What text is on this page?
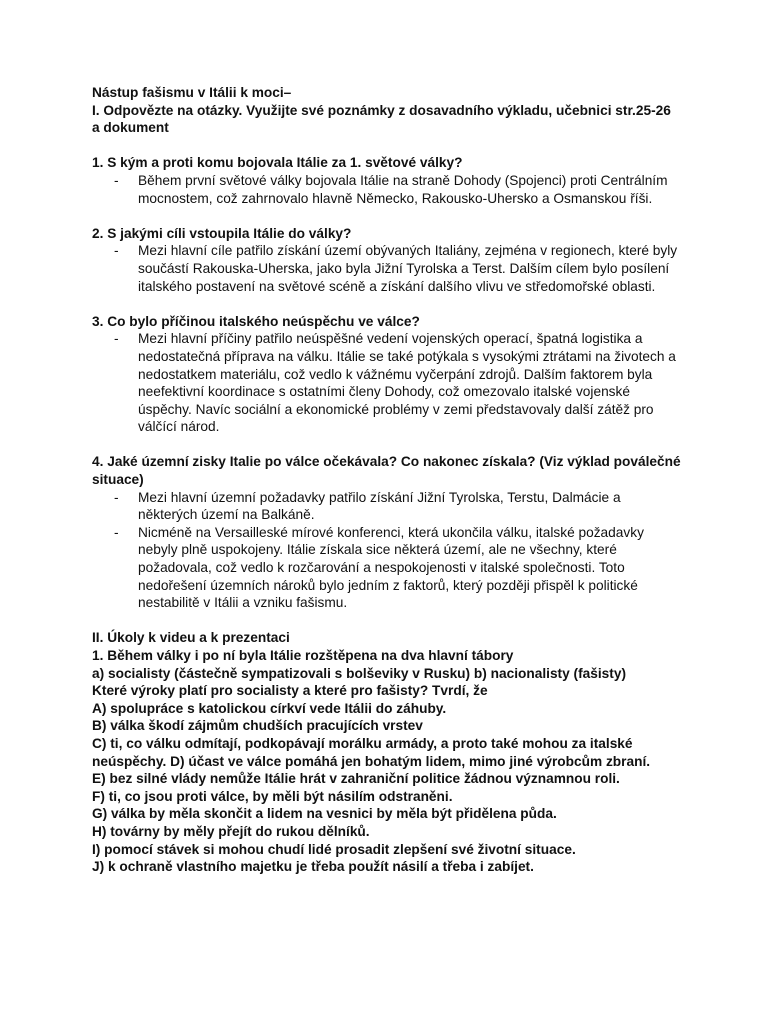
Nástup fašismu v Itálii k moci–
I. Odpovězte na otázky. Využijte své poznámky z dosavadního výkladu, učebnici str.25-26 a dokument
1. S kým a proti komu bojovala Itálie za 1. světové války?
- Během první světové války bojovala Itálie na straně Dohody (Spojenci) proti Centrálním mocnostem, což zahrnovalo hlavně Německo, Rakousko-Uhersko a Osmanskou říši.
2. S jakými cíli vstoupila Itálie do války?
- Mezi hlavní cíle patřilo získání území obývaných Italiány, zejména v regionech, které byly součástí Rakouska-Uherska, jako byla Jižní Tyrolska a Terst. Dalším cílem bylo posílení italského postavení na světové scéně a získání dalšího vlivu ve středomořské oblasti.
3. Co bylo příčinou italského neúspěchu ve válce?
- Mezi hlavní příčiny patřilo neúspěšné vedení vojenských operací, špatná logistika a nedostatečná příprava na válku. Itálie se také potýkala s vysokými ztrátami na životech a nedostatkem materiálu, což vedlo k vážnému vyčerpání zdrojů. Dalším faktorem byla neefektivní koordinace s ostatními členy Dohody, což omezovalo italské vojenské úspěchy. Navíc sociální a ekonomické problémy v zemi představovaly další zátěž pro válčící národ.
4. Jaké územní zisky Italie po válce očekávala? Co nakonec získala? (Viz výklad poválečné situace)
- Mezi hlavní územní požadavky patřilo získání Jižní Tyrolska, Terstu, Dalmácie a některých území na Balkáně.
- Nicméně na Versailleské mírové konferenci, která ukončila válku, italské požadavky nebyly plně uspokojeny. Itálie získala sice některá území, ale ne všechny, které požadovala, což vedlo k rozčarování a nespokojenosti v italské společnosti. Toto nedořešení územních nároků bylo jedním z faktorů, který později přispěl k politické nestabilitě v Itálii a vzniku fašismu.
II. Úkoly k videu a k prezentaci
1. Během války i po ní byla Itálie rozštěpena na dva hlavní tábory
a) socialisty (částečně sympatizovali s bolševiky v Rusku) b) nacionalisty (fašisty)
Které výroky platí pro socialisty a které pro fašisty? Tvrdí, že
A) spolupráce s katolickou církví vede Itálii do záhuby.
B) válka škodí zájmům chudších pracujících vrstev
C) ti, co válku odmítají, podkopávají morálku armády, a proto také mohou za italské neúspěchy. D) účast ve válce pomáhá jen bohatým lidem, mimo jiné výrobcům zbraní.
E) bez silné vlády nemůže Itálie hrát v zahraniční politice žádnou významnou roli.
F) ti, co jsou proti válce, by měli být násilím odstraněni.
G) válka by měla skončit a lidem na vesnici by měla být přidělena půda.
H) továrny by měly přejít do rukou dělníků.
I) pomocí stávek si mohou chudí lidé prosadit zlepšení své životní situace.
J) k ochraně vlastního majetku je třeba použít násilí a třeba i zabíjet.
